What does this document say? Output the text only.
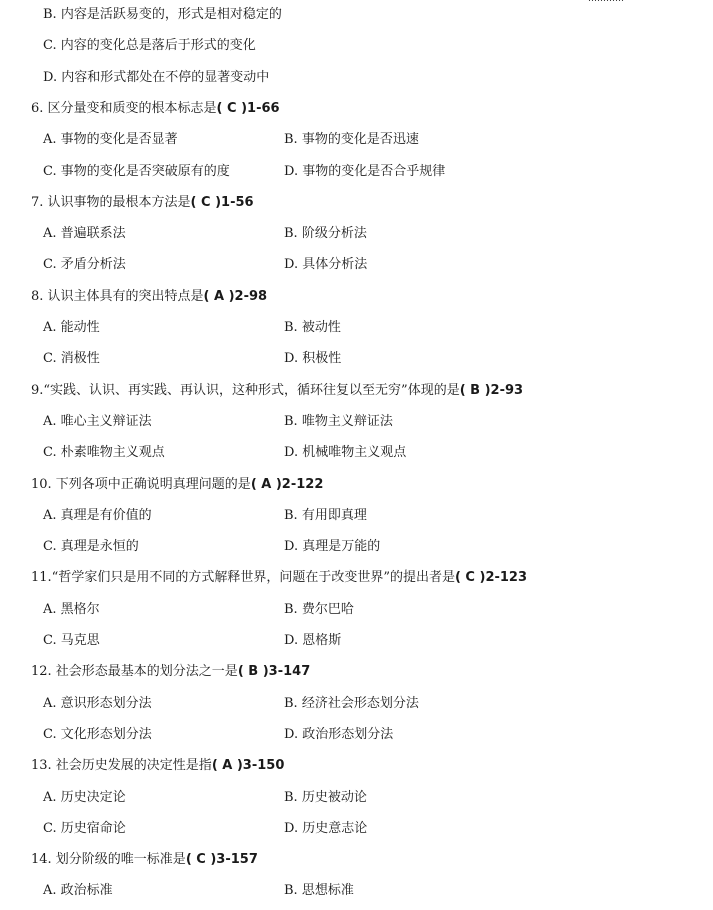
B. 内容是活跃易变的，形式是相对稳定的
C. 内容的变化总是落后于形式的变化
D. 内容和形式都处在不停的显著变动中
6. 区分量变和质变的根本标志是( C )1-66
A. 事物的变化是否显著	B. 事物的变化是否迅速
C. 事物的变化是否突破原有的度	D. 事物的变化是否合乎规律
7. 认识事物的最根本方法是( C )1-56
A. 普遍联系法	B. 阶级分析法
C. 矛盾分析法	D. 具体分析法
8. 认识主体具有的突出特点是( A )2-98
A. 能动性	B. 被动性
C. 消极性	D. 积极性
9.“实践、认识、再实践、再认识，这种形式，循环往复以至无穷”体现的是( B )2-93
A. 唯心主义辩证法	B. 唯物主义辩证法
C. 朴素唯物主义观点	D. 机械唯物主义观点
10. 下列各项中正确说明真理问题的是( A )2-122
A. 真理是有价值的	B. 有用即真理
C. 真理是永恒的	D. 真理是万能的
11.“哲学家们只是用不同的方式解释世界，问题在于改变世界”的提出者是( C )2-123
A. 黑格尔	B. 费尔巴哈
C. 马克思	D. 恩格斯
12. 社会形态最基本的划分法之一是( B )3-147
A. 意识形态划分法	B. 经济社会形态划分法
C. 文化形态划分法	D. 政治形态划分法
13. 社会历史发展的决定性是指( A )3-150
A. 历史决定论	B. 历史被动论
C. 历史宿命论	D. 历史意志论
14. 划分阶级的唯一标准是( C )3-157
A. 政治标准	B. 思想标准
